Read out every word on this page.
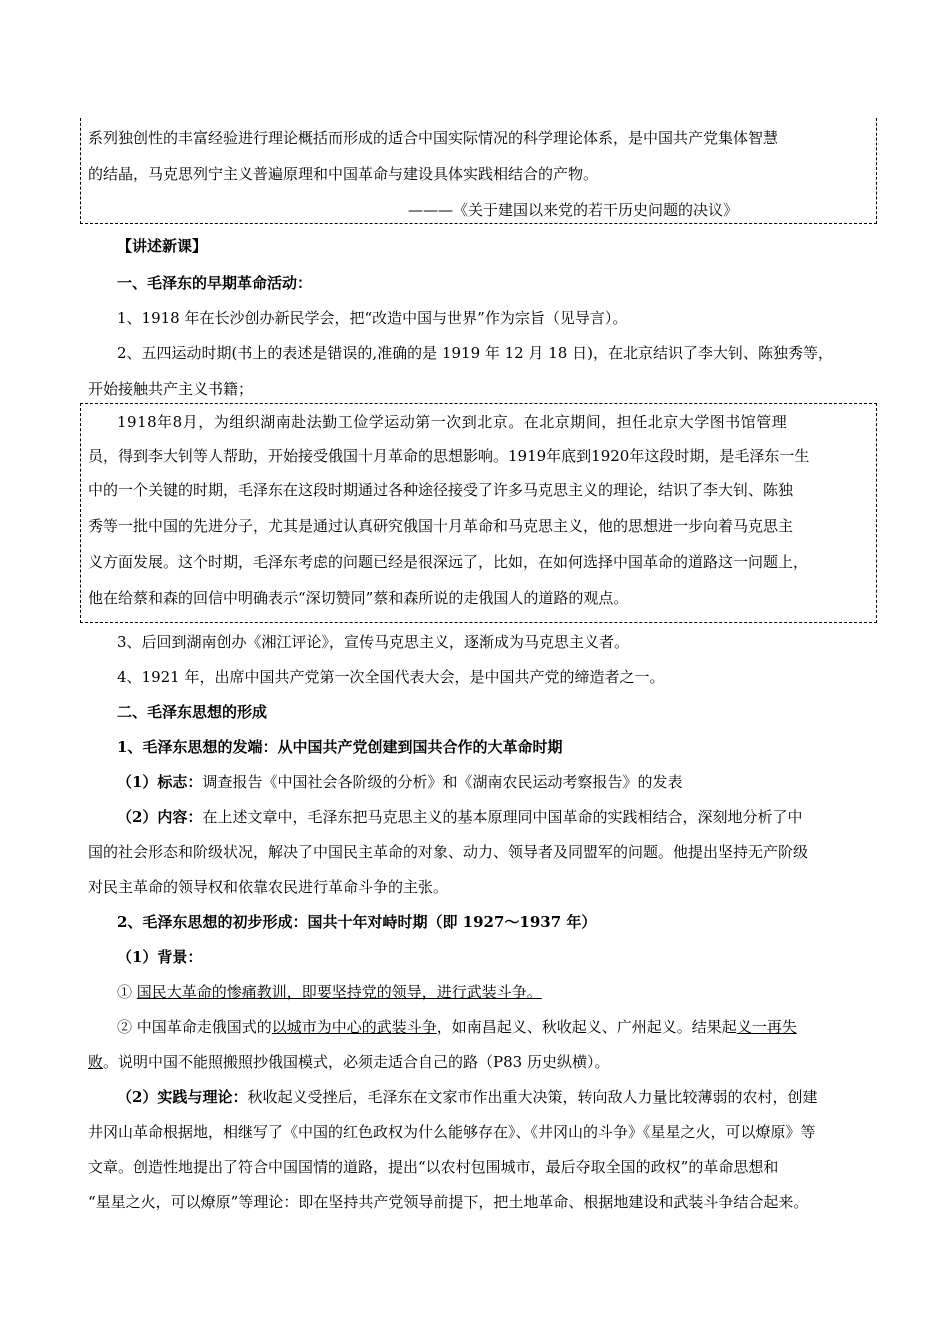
系列独创性的丰富经验进行理论概括而形成的适合中国实际情况的科学理论体系，是中国共产党集体智慧
的结晶，马克思列宁主义普遍原理和中国革命与建设具体实践相结合的产物。
———《关于建国以来党的若干历史问题的决议》
【讲述新课】
一、毛泽东的早期革命活动：
1、1918 年在长沙创办新民学会，把“改造中国与世界”作为宗旨（见导言）。
2、五四运动时期(书上的表述是错误的,准确的是 1919 年 12 月 18 日)，在北京结识了李大钊、陈独秀等，
开始接触共产主义书籍；
1918年8月，为组织湖南赴法勤工俭学运动第一次到北京。在北京期间，担任北京大学图书馆管理
员，得到李大钊等人帮助，开始接受俄国十月革命的思想影响。1919年底到1920年这段时期，是毛泽东一生
中的一个关键的时期，毛泽东在这段时期通过各种途径接受了许多马克思主义的理论，结识了李大钊、陈独
秀等一批中国的先进分子，尤其是通过认真研究俄国十月革命和马克思主义，他的思想进一步向着马克思主
义方面发展。这个时期，毛泽东考虑的问题已经是很深远了，比如，在如何选择中国革命的道路这一问题上，
他在给蔡和森的回信中明确表示“深切赞同”蔡和森所说的走俄国人的道路的观点。
3、后回到湖南创办《湘江评论》，宣传马克思主义，逐渐成为马克思主义者。
4、1921 年，出席中国共产党第一次全国代表大会，是中国共产党的缔造者之一。
二、毛泽东思想的形成
1、毛泽东思想的发端：从中国共产党创建到国共合作的大革命时期
（1）标志：调查报告《中国社会各阶级的分析》和《湖南农民运动考察报告》的发表
（2）内容：在上述文章中，毛泽东把马克思主义的基本原理同中国革命的实践相结合，深刻地分析了中
国的社会形态和阶级状况，解决了中国民主革命的对象、动力、领导者及同盟军的问题。他提出坚持无产阶级
对民主革命的领导权和依靠农民进行革命斗争的主张。
2、毛泽东思想的初步形成：国共十年对峙时期（即 1927～1937 年）
（1）背景：
① 国民大革命的惨痛教训，即要坚持党的领导，进行武装斗争。
② 中国革命走俄国式的以城市为中心的武装斗争，如南昌起义、秋收起义、广州起义。结果起义一再失
败。说明中国不能照搬照抄俄国模式，必须走适合自己的路（P83 历史纵横）。
（2）实践与理论：秋收起义受挫后，毛泽东在文家市作出重大决策，转向敌人力量比较薄弱的农村，创建
井冈山革命根据地，相继写了《中国的红色政权为什么能够存在》、《井冈山的斗争》《星星之火，可以燎原》等
文章。创造性地提出了符合中国国情的道路，提出“以农村包围城市，最后夺取全国的政权”的革命思想和
“星星之火，可以燎原”等理论：即在坚持共产党领导前提下，把土地革命、根据地建设和武装斗争结合起来。
